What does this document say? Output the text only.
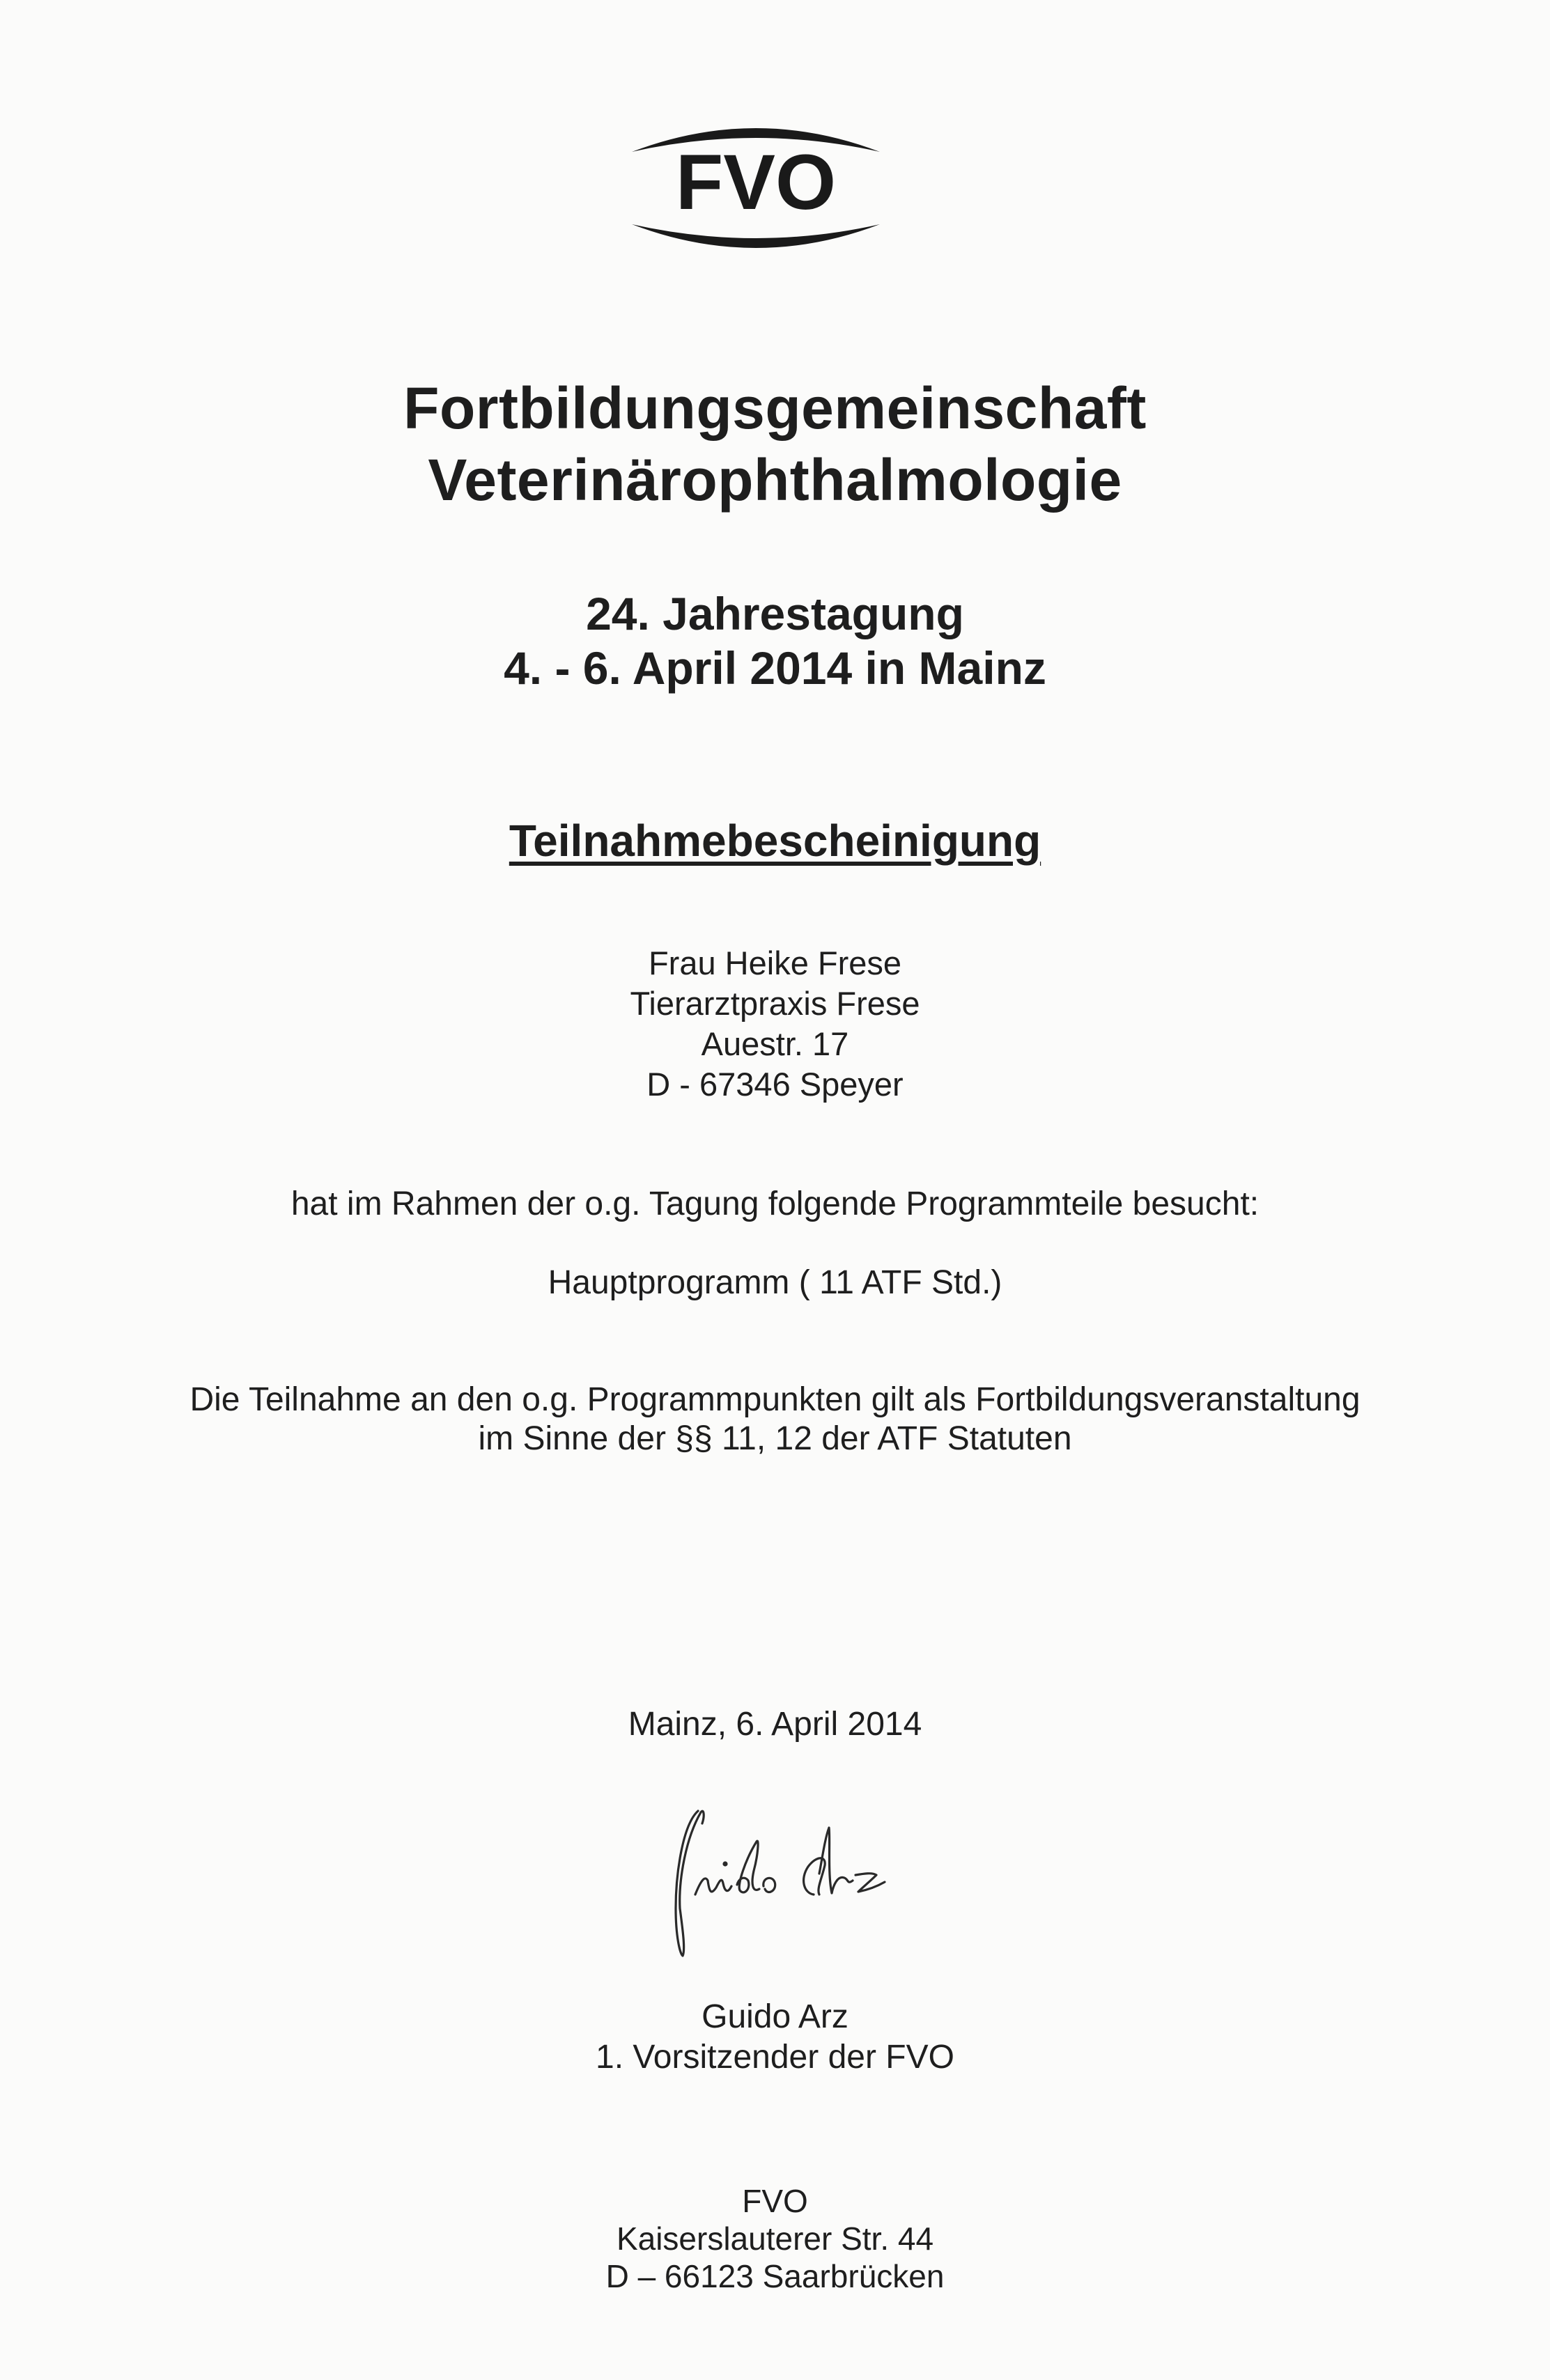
FVO
Fortbildungsgemeinschaft
Veterinärophthalmologie
24. Jahrestagung
4. - 6. April 2014 in Mainz
Teilnahmebescheinigung
Frau Heike Frese
Tierarztpraxis Frese
Auestr. 17
D - 67346 Speyer
hat im Rahmen der o.g. Tagung folgende Programmteile besucht:
Hauptprogramm ( 11 ATF Std.)
Die Teilnahme an den o.g. Programmpunkten gilt als Fortbildungsveranstaltung
im Sinne der §§ 11, 12 der ATF Statuten
Mainz, 6. April 2014
Guido Arz
1. Vorsitzender der FVO
FVO
Kaiserslauterer Str. 44
D – 66123 Saarbrücken
